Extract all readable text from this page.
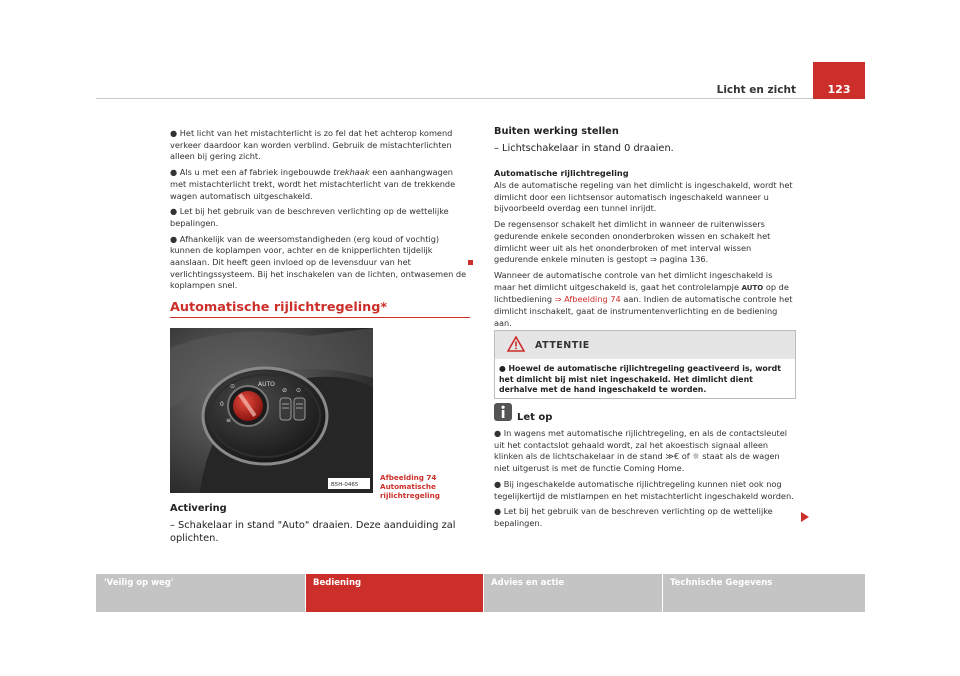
Licht en zicht	123

● Het licht van het mistachterlicht is zo fel dat het achterop komend verkeer daardoor kan worden verblind. Gebruik de mistachterlichten alleen bij gering zicht.

● Als u met een af fabriek ingebouwde trekhaak een aanhangwagen met mistachterlicht trekt, wordt het mistachterlicht van de trekkende wagen automatisch uitgeschakeld.

● Let bij het gebruik van de beschreven verlichting op de wettelijke bepalingen.

● Afhankelijk van de weersomstandigheden (erg koud of vochtig) kunnen de koplampen voor, achter en de knipperlichten tijdelijk aanslaan. Dit heeft geen invloed op de levensduur van het verlichtingssysteem. Bij het inschakelen van de lichten, ontwasemen de koplampen snel.

Automatische rijlichtregeling*
⊙	AUTO
0
≡
⊘ ⊙
B5H-0465
Afbeelding 74 Automatische rijlichtregeling
Activering
– Schakelaar in stand "Auto" draaien. Deze aanduiding zal oplichten.
Buiten werking stellen
– Lichtschakelaar in stand 0 draaien.
Automatische rijlichtregeling

Als de automatische regeling van het dimlicht is ingeschakeld, wordt het dimlicht door een lichtsensor automatisch ingeschakeld wanneer u bijvoorbeeld overdag een tunnel inrijdt.

De regensensor schakelt het dimlicht in wanneer de ruitenwissers gedurende enkele seconden ononderbroken wissen en schakelt het dimlicht weer uit als het ononderbroken of met interval wissen gedurende enkele minuten is gestopt ⇒ pagina 136.

Wanneer de automatische controle van het dimlicht ingeschakeld is maar het dimlicht uitgeschakeld is, gaat het controlelampje AUTO op de lichtbediening ⇒ Afbeelding 74 aan. Indien de automatische controle het dimlicht inschakelt, gaat de instrumentenverlichting en de bediening aan.

ATTENTIE
● Hoewel de automatische rijlichtregeling geactiveerd is, wordt het dimlicht bij mist niet ingeschakeld. Het dimlicht dient derhalve met de hand ingeschakeld te worden.
Let op

● In wagens met automatische rijlichtregeling, en als de contactsleutel uit het contactslot gehaald wordt, zal het akoestisch signaal alleen klinken als de lichtschakelaar in de stand ≫€ of ☼ staat als de wagen niet uitgerust is met de functie Coming Home.

● Bij ingeschakelde automatische rijlichtregeling kunnen niet ook nog tegelijkertijd de mistlampen en het mistachterlicht ingeschakeld worden.

● Let bij het gebruik van de beschreven verlichting op de wettelijke bepalingen.

'Veilig op weg'	Bediening	Advies en actie	Technische Gegevens
